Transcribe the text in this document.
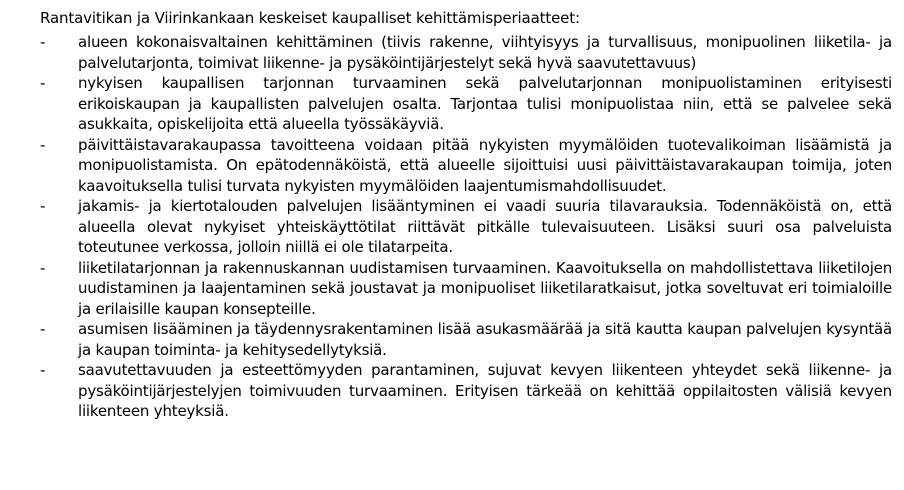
Rantavitikan ja Viirinkankaan keskeiset kaupalliset kehittämisperiaatteet:
-	alueen kokonaisvaltainen kehittäminen (tiivis rakenne, viihtyisyys ja turvallisuus, monipuolinen liiketila- ja palvelutarjonta, toimivat liikenne- ja pysäköintijärjestelyt sekä hyvä saavutettavuus)
-	nykyisen kaupallisen tarjonnan turvaaminen sekä palvelutarjonnan monipuolistaminen erityisesti erikoiskaupan ja kaupallisten palvelujen osalta. Tarjontaa tulisi monipuolistaa niin, että se palvelee sekä asukkaita, opiskelijoita että alueella työssäkäyviä.
-	päivittäistavarakaupassa tavoitteena voidaan pitää nykyisten myymälöiden tuotevalikoiman lisäämistä ja monipuolistamista. On epätodennäköistä, että alueelle sijoittuisi uusi päivittäistavarakaupan toimija, joten kaavoituksella tulisi turvata nykyisten myymälöiden laajentumismahdollisuudet.
-	jakamis- ja kiertotalouden palvelujen lisääntyminen ei vaadi suuria tilavarauksia. Todennäköistä on, että alueella olevat nykyiset yhteiskäyttötilat riittävät pitkälle tulevaisuuteen. Lisäksi suuri osa palveluista toteutunee verkossa, jolloin niillä ei ole tilatarpeita.
-	liiketilatarjonnan ja rakennuskannan uudistamisen turvaaminen. Kaavoituksella on mahdollistettava liiketilojen uudistaminen ja laajentaminen sekä joustavat ja monipuoliset liiketilaratkaisut, jotka soveltuvat eri toimialoille ja erilaisille kaupan konsepteille.
-	asumisen lisääminen ja täydennysrakentaminen lisää asukasmäärää ja sitä kautta kaupan palvelujen kysyntää ja kaupan toiminta- ja kehitysedellytyksiä.
-	saavutettavuuden ja esteettömyyden parantaminen, sujuvat kevyen liikenteen yhteydet sekä liikenne- ja pysäköintijärjestelyjen toimivuuden turvaaminen. Erityisen tärkeää on kehittää oppilaitosten välisiä kevyen liikenteen yhteyksiä.
